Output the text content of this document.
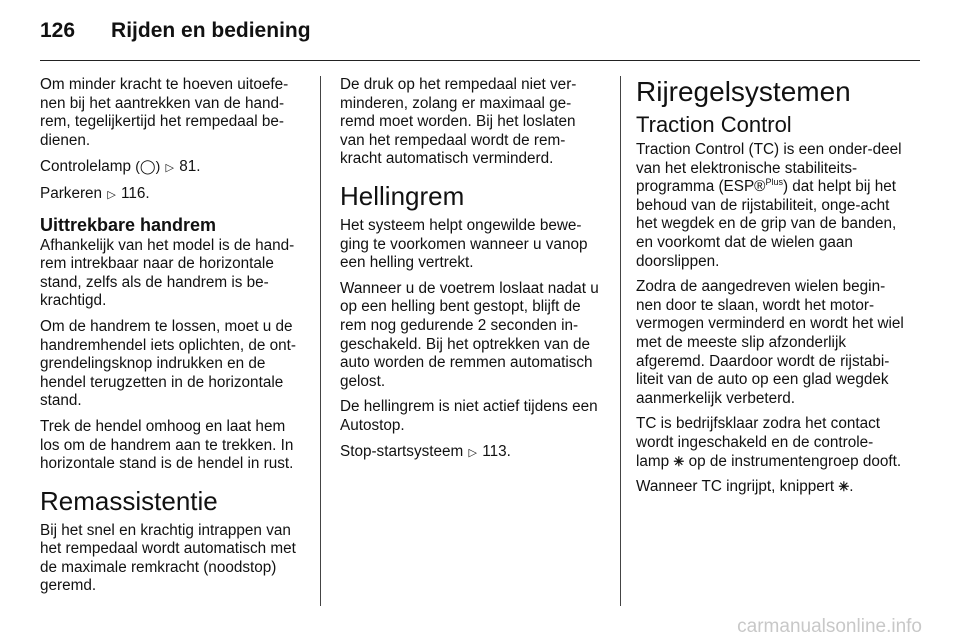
126 Rijden en bediening

Om minder kracht te hoeven uitoefe-nen bij het aantrekken van de hand-rem, tegelijkertijd het rempedaal be-dienen.

Controlelamp (◯) ▷ 81.

Parkeren ▷ 116.

Uittrekbare handrem

Afhankelijk van het model is de hand-rem intrekbaar naar de horizontale stand, zelfs als de handrem is be-krachtigd.

Om de handrem te lossen, moet u de handremhendel iets oplichten, de ont-grendelingsknop indrukken en de hendel terugzetten in de horizontale stand.

Trek de hendel omhoog en laat hem los om de handrem aan te trekken. In horizontale stand is de hendel in rust.

Remassistentie

Bij het snel en krachtig intrappen van het rempedaal wordt automatisch met de maximale remkracht (noodstop) geremd.

De druk op het rempedaal niet ver-minderen, zolang er maximaal ge-remd moet worden. Bij het loslaten van het rempedaal wordt de rem-kracht automatisch verminderd.

Hellingrem

Het systeem helpt ongewilde bewe-ging te voorkomen wanneer u vanop een helling vertrekt.

Wanneer u de voetrem loslaat nadat u op een helling bent gestopt, blijft de rem nog gedurende 2 seconden in-geschakeld. Bij het optrekken van de auto worden de remmen automatisch gelost.

De hellingrem is niet actief tijdens een Autostop.

Stop-startsysteem ▷ 113.

Rijregelsystemen
Traction Control

Traction Control (TC) is een onder-deel van het elektronische stabiliteits-programma (ESP®$^{Plus}$) dat helpt bij het behoud van de rijstabiliteit, onge-acht het wegdek en de grip van de banden, en voorkomt dat de wielen gaan doorslippen.

Zodra de aangedreven wielen begin-nen door te slaan, wordt het motor-vermogen verminderd en wordt het wiel met de meeste slip afzonderlijk afgeremd. Daardoor wordt de rijstabi-liteit van de auto op een glad wegdek aanmerkelijk verbeterd.

TC is bedrijfsklaar zodra het contact wordt ingeschakeld en de controle-lamp ✳ op de instrumentengroep dooft.

Wanneer TC ingrijpt, knippert ✳.

carmanualsonline.info
